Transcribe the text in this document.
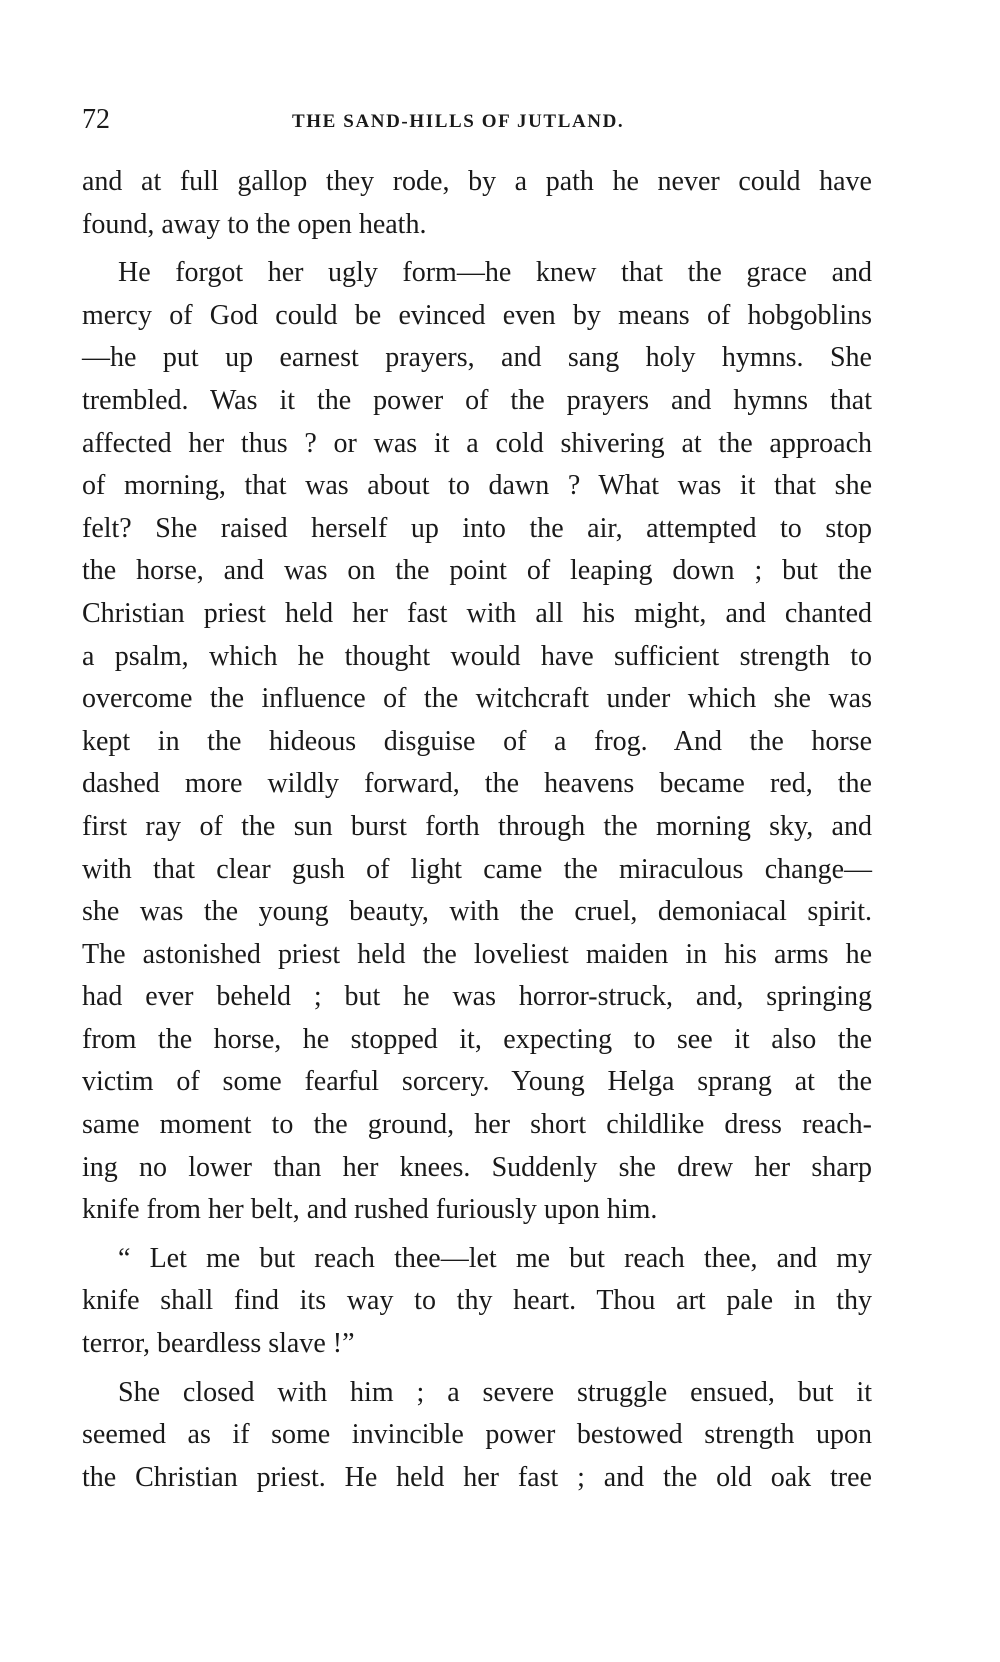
72	THE SAND-HILLS OF JUTLAND.

and at full gallop they rode, by a path he never could have
found, away to the open heath.

He forgot her ugly form—he knew that the grace and
mercy of God could be evinced even by means of hobgoblins
—he put up earnest prayers, and sang holy hymns. She
trembled. Was it the power of the prayers and hymns that
affected her thus ? or was it a cold shivering at the approach
of morning, that was about to dawn ? What was it that she
felt? She raised herself up into the air, attempted to stop
the horse, and was on the point of leaping down ; but the
Christian priest held her fast with all his might, and chanted
a psalm, which he thought would have sufficient strength to
overcome the influence of the witchcraft under which she was
kept in the hideous disguise of a frog. And the horse
dashed more wildly forward, the heavens became red, the
first ray of the sun burst forth through the morning sky, and
with that clear gush of light came the miraculous change—
she was the young beauty, with the cruel, demoniacal spirit.
The astonished priest held the loveliest maiden in his arms he
had ever beheld ; but he was horror-struck, and, springing
from the horse, he stopped it, expecting to see it also the
victim of some fearful sorcery. Young Helga sprang at the
same moment to the ground, her short childlike dress reach-
ing no lower than her knees. Suddenly she drew her sharp
knife from her belt, and rushed furiously upon him.

“ Let me but reach thee—let me but reach thee, and my
knife shall find its way to thy heart. Thou art pale in thy
terror, beardless slave !”

She closed with him ; a severe struggle ensued, but it
seemed as if some invincible power bestowed strength upon
the Christian priest. He held her fast ; and the old oak tree
